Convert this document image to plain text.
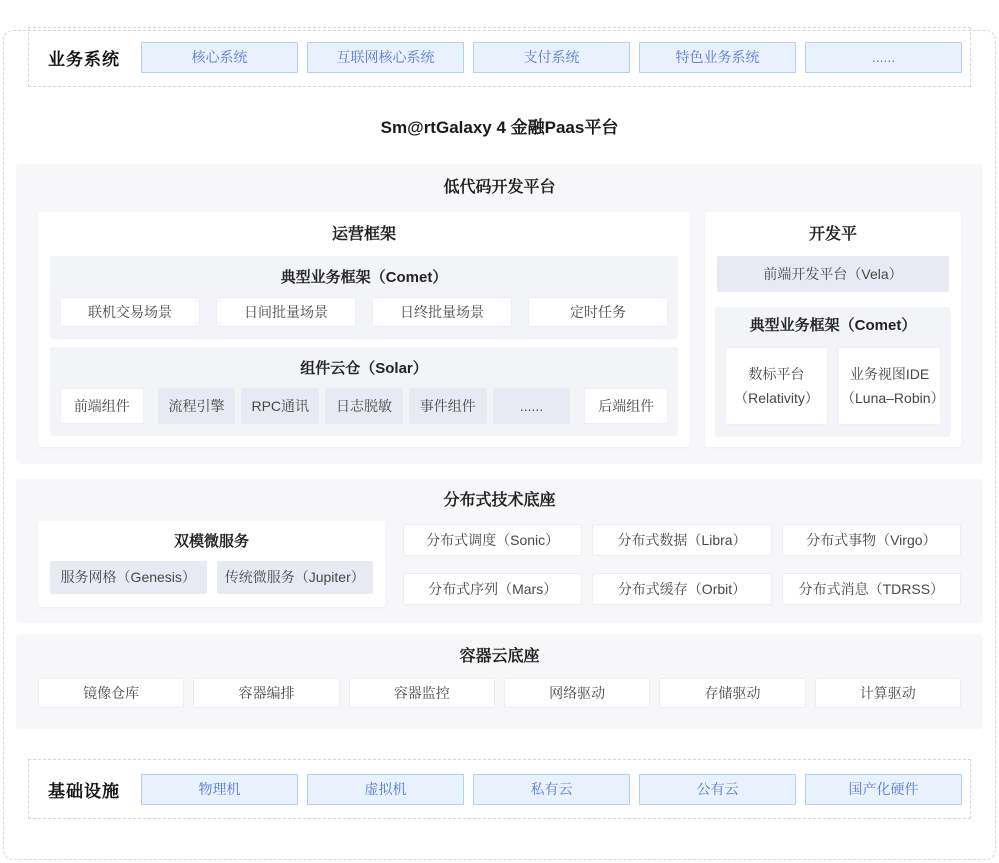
业务系统	核心系统	互联网核心系统	支付系统	特色业务系统	......
Sm@rtGalaxy 4 金融Paas平台
低代码开发平台
运营框架
典型业务框架（Comet）
联机交易场景	日间批量场景	日终批量场景	定时任务
组件云仓（Solar）
前端组件	流程引擎	RPC通讯	日志脱敏	事件组件	......	后端组件
开发平
前端开发平台（Vela）
典型业务框架（Comet）
数标平台
（Relativity）
业务视图IDE
（Luna–Robin）
分布式技术底座
双模微服务
服务网格（Genesis）	传统微服务（Jupiter）
分布式调度（Sonic）	分布式数据（Libra）	分布式事物（Virgo）
分布式序列（Mars）	分布式缓存（Orbit）	分布式消息（TDRSS）
容器云底座
镜像仓库	容器编排	容器监控	网络驱动	存储驱动	计算驱动
基础设施	物理机	虚拟机	私有云	公有云	国产化硬件
